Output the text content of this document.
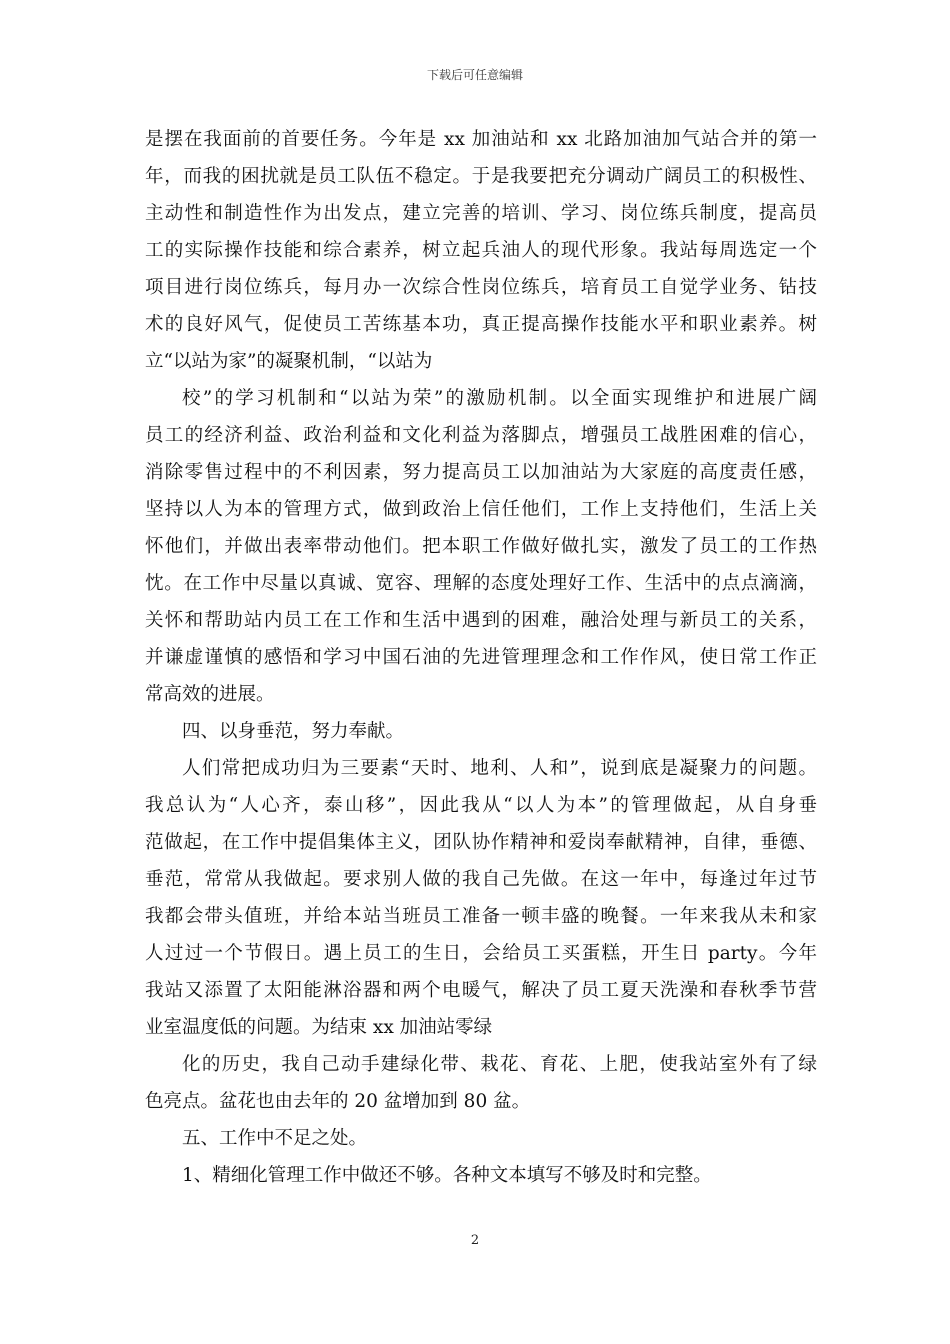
下载后可任意编辑
是摆在我面前的首要任务。今年是 xx 加油站和 xx 北路加油加气站合并的第一
年，而我的困扰就是员工队伍不稳定。于是我要把充分调动广阔员工的积极性、
主动性和制造性作为出发点，建立完善的培训、学习、岗位练兵制度，提高员
工的实际操作技能和综合素养，树立起兵油人的现代形象。我站每周选定一个
项目进行岗位练兵，每月办一次综合性岗位练兵，培育员工自觉学业务、钻技
术的良好风气，促使员工苦练基本功，真正提高操作技能水平和职业素养。树
立“以站为家”的凝聚机制，“以站为
校”的学习机制和“以站为荣”的激励机制。以全面实现维护和进展广阔
员工的经济利益、政治利益和文化利益为落脚点，增强员工战胜困难的信心，
消除零售过程中的不利因素，努力提高员工以加油站为大家庭的高度责任感，
坚持以人为本的管理方式，做到政治上信任他们，工作上支持他们，生活上关
怀他们，并做出表率带动他们。把本职工作做好做扎实，激发了员工的工作热
忱。在工作中尽量以真诚、宽容、理解的态度处理好工作、生活中的点点滴滴，
关怀和帮助站内员工在工作和生活中遇到的困难，融洽处理与新员工的关系，
并谦虚谨慎的感悟和学习中国石油的先进管理理念和工作作风，使日常工作正
常高效的进展。
四、以身垂范，努力奉献。
人们常把成功归为三要素“天时、地利、人和”，说到底是凝聚力的问题。
我总认为“人心齐，泰山移”，因此我从“以人为本”的管理做起，从自身垂
范做起，在工作中提倡集体主义，团队协作精神和爱岗奉献精神，自律，垂德、
垂范，常常从我做起。要求别人做的我自己先做。在这一年中，每逢过年过节
我都会带头值班，并给本站当班员工准备一顿丰盛的晚餐。一年来我从未和家
人过过一个节假日。遇上员工的生日，会给员工买蛋糕，开生日 party。今年
我站又添置了太阳能淋浴器和两个电暖气，解决了员工夏天洗澡和春秋季节营
业室温度低的问题。为结束 xx 加油站零绿
化的历史，我自己动手建绿化带、栽花、育花、上肥，使我站室外有了绿
色亮点。盆花也由去年的 20 盆增加到 80 盆。
五、工作中不足之处。
1、精细化管理工作中做还不够。各种文本填写不够及时和完整。
2
